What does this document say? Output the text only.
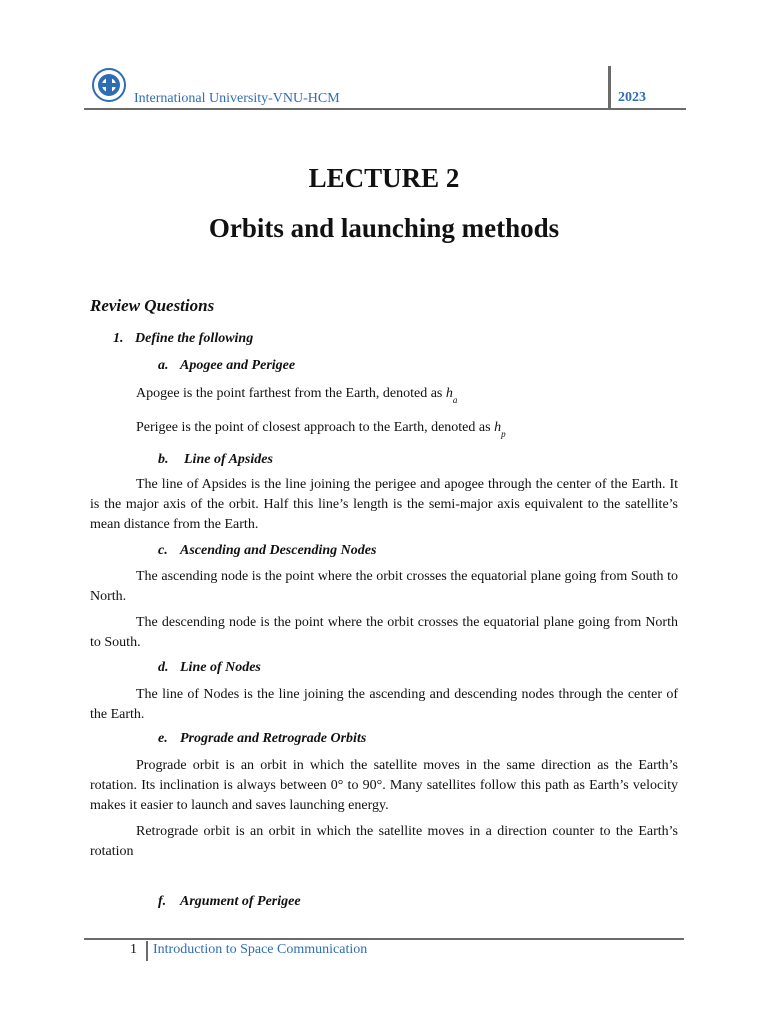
International University-VNU-HCM	2023
LECTURE 2
Orbits and launching methods
Review Questions
1. Define the following
a. Apogee and Perigee
Apogee is the point farthest from the Earth, denoted as $h_a$
Perigee is the point of closest approach to the Earth, denoted as $h_p$
b. Line of Apsides
The line of Apsides is the line joining the perigee and apogee through the center of the Earth. It is the major axis of the orbit. Half this line’s length is the semi-major axis equivalent to the satellite’s mean distance from the Earth.
c. Ascending and Descending Nodes
The ascending node is the point where the orbit crosses the equatorial plane going from South to North.
The descending node is the point where the orbit crosses the equatorial plane going from North to South.
d. Line of Nodes
The line of Nodes is the line joining the ascending and descending nodes through the center of the Earth.
e. Prograde and Retrograde Orbits
Prograde orbit is an orbit in which the satellite moves in the same direction as the Earth’s rotation. Its inclination is always between 0° to 90°. Many satellites follow this path as Earth’s velocity makes it easier to launch and saves launching energy.
Retrograde orbit is an orbit in which the satellite moves in a direction counter to the Earth’s rotation
f. Argument of Perigee
1 Introduction to Space Communication
